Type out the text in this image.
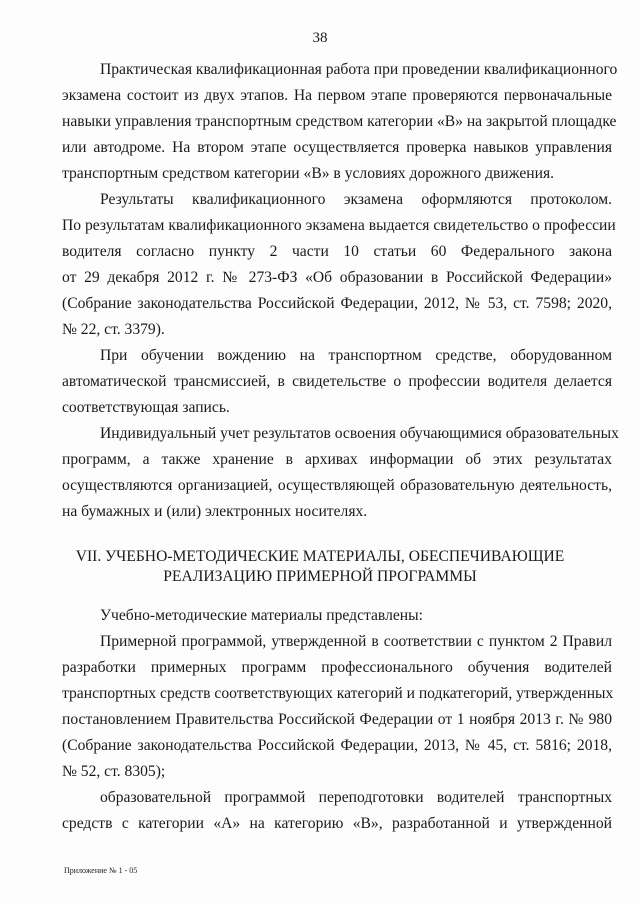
38
Практическая квалификационная работа при проведении квалификационного
экзамена состоит из двух этапов. На первом этапе проверяются первоначальные
навыки управления транспортным средством категории «В» на закрытой площадке
или автодроме. На втором этапе осуществляется проверка навыков управления
транспортным средством категории «В» в условиях дорожного движения.
Результаты квалификационного экзамена оформляются протоколом.
По результатам квалификационного экзамена выдается свидетельство о профессии
водителя согласно пункту 2 части 10 статьи 60 Федерального закона
от 29 декабря 2012 г. № 273-ФЗ «Об образовании в Российской Федерации»
(Собрание законодательства Российской Федерации, 2012, № 53, ст. 7598; 2020,
№ 22, ст. 3379).
При обучении вождению на транспортном средстве, оборудованном
автоматической трансмиссией, в свидетельстве о профессии водителя делается
соответствующая запись.
Индивидуальный учет результатов освоения обучающимися образовательных
программ, а также хранение в архивах информации об этих результатах
осуществляются организацией, осуществляющей образовательную деятельность,
на бумажных и (или) электронных носителях.
VII. УЧЕБНО-МЕТОДИЧЕСКИЕ МАТЕРИАЛЫ, ОБЕСПЕЧИВАЮЩИЕ
РЕАЛИЗАЦИЮ ПРИМЕРНОЙ ПРОГРАММЫ
Учебно-методические материалы представлены:
Примерной программой, утвержденной в соответствии с пунктом 2 Правил
разработки примерных программ профессионального обучения водителей
транспортных средств соответствующих категорий и подкатегорий, утвержденных
постановлением Правительства Российской Федерации от 1 ноября 2013 г. № 980
(Собрание законодательства Российской Федерации, 2013, № 45, ст. 5816; 2018,
№ 52, ст. 8305);
образовательной программой переподготовки водителей транспортных
средств с категории «А» на категорию «В», разработанной и утвержденной
Приложение № 1 - 05
